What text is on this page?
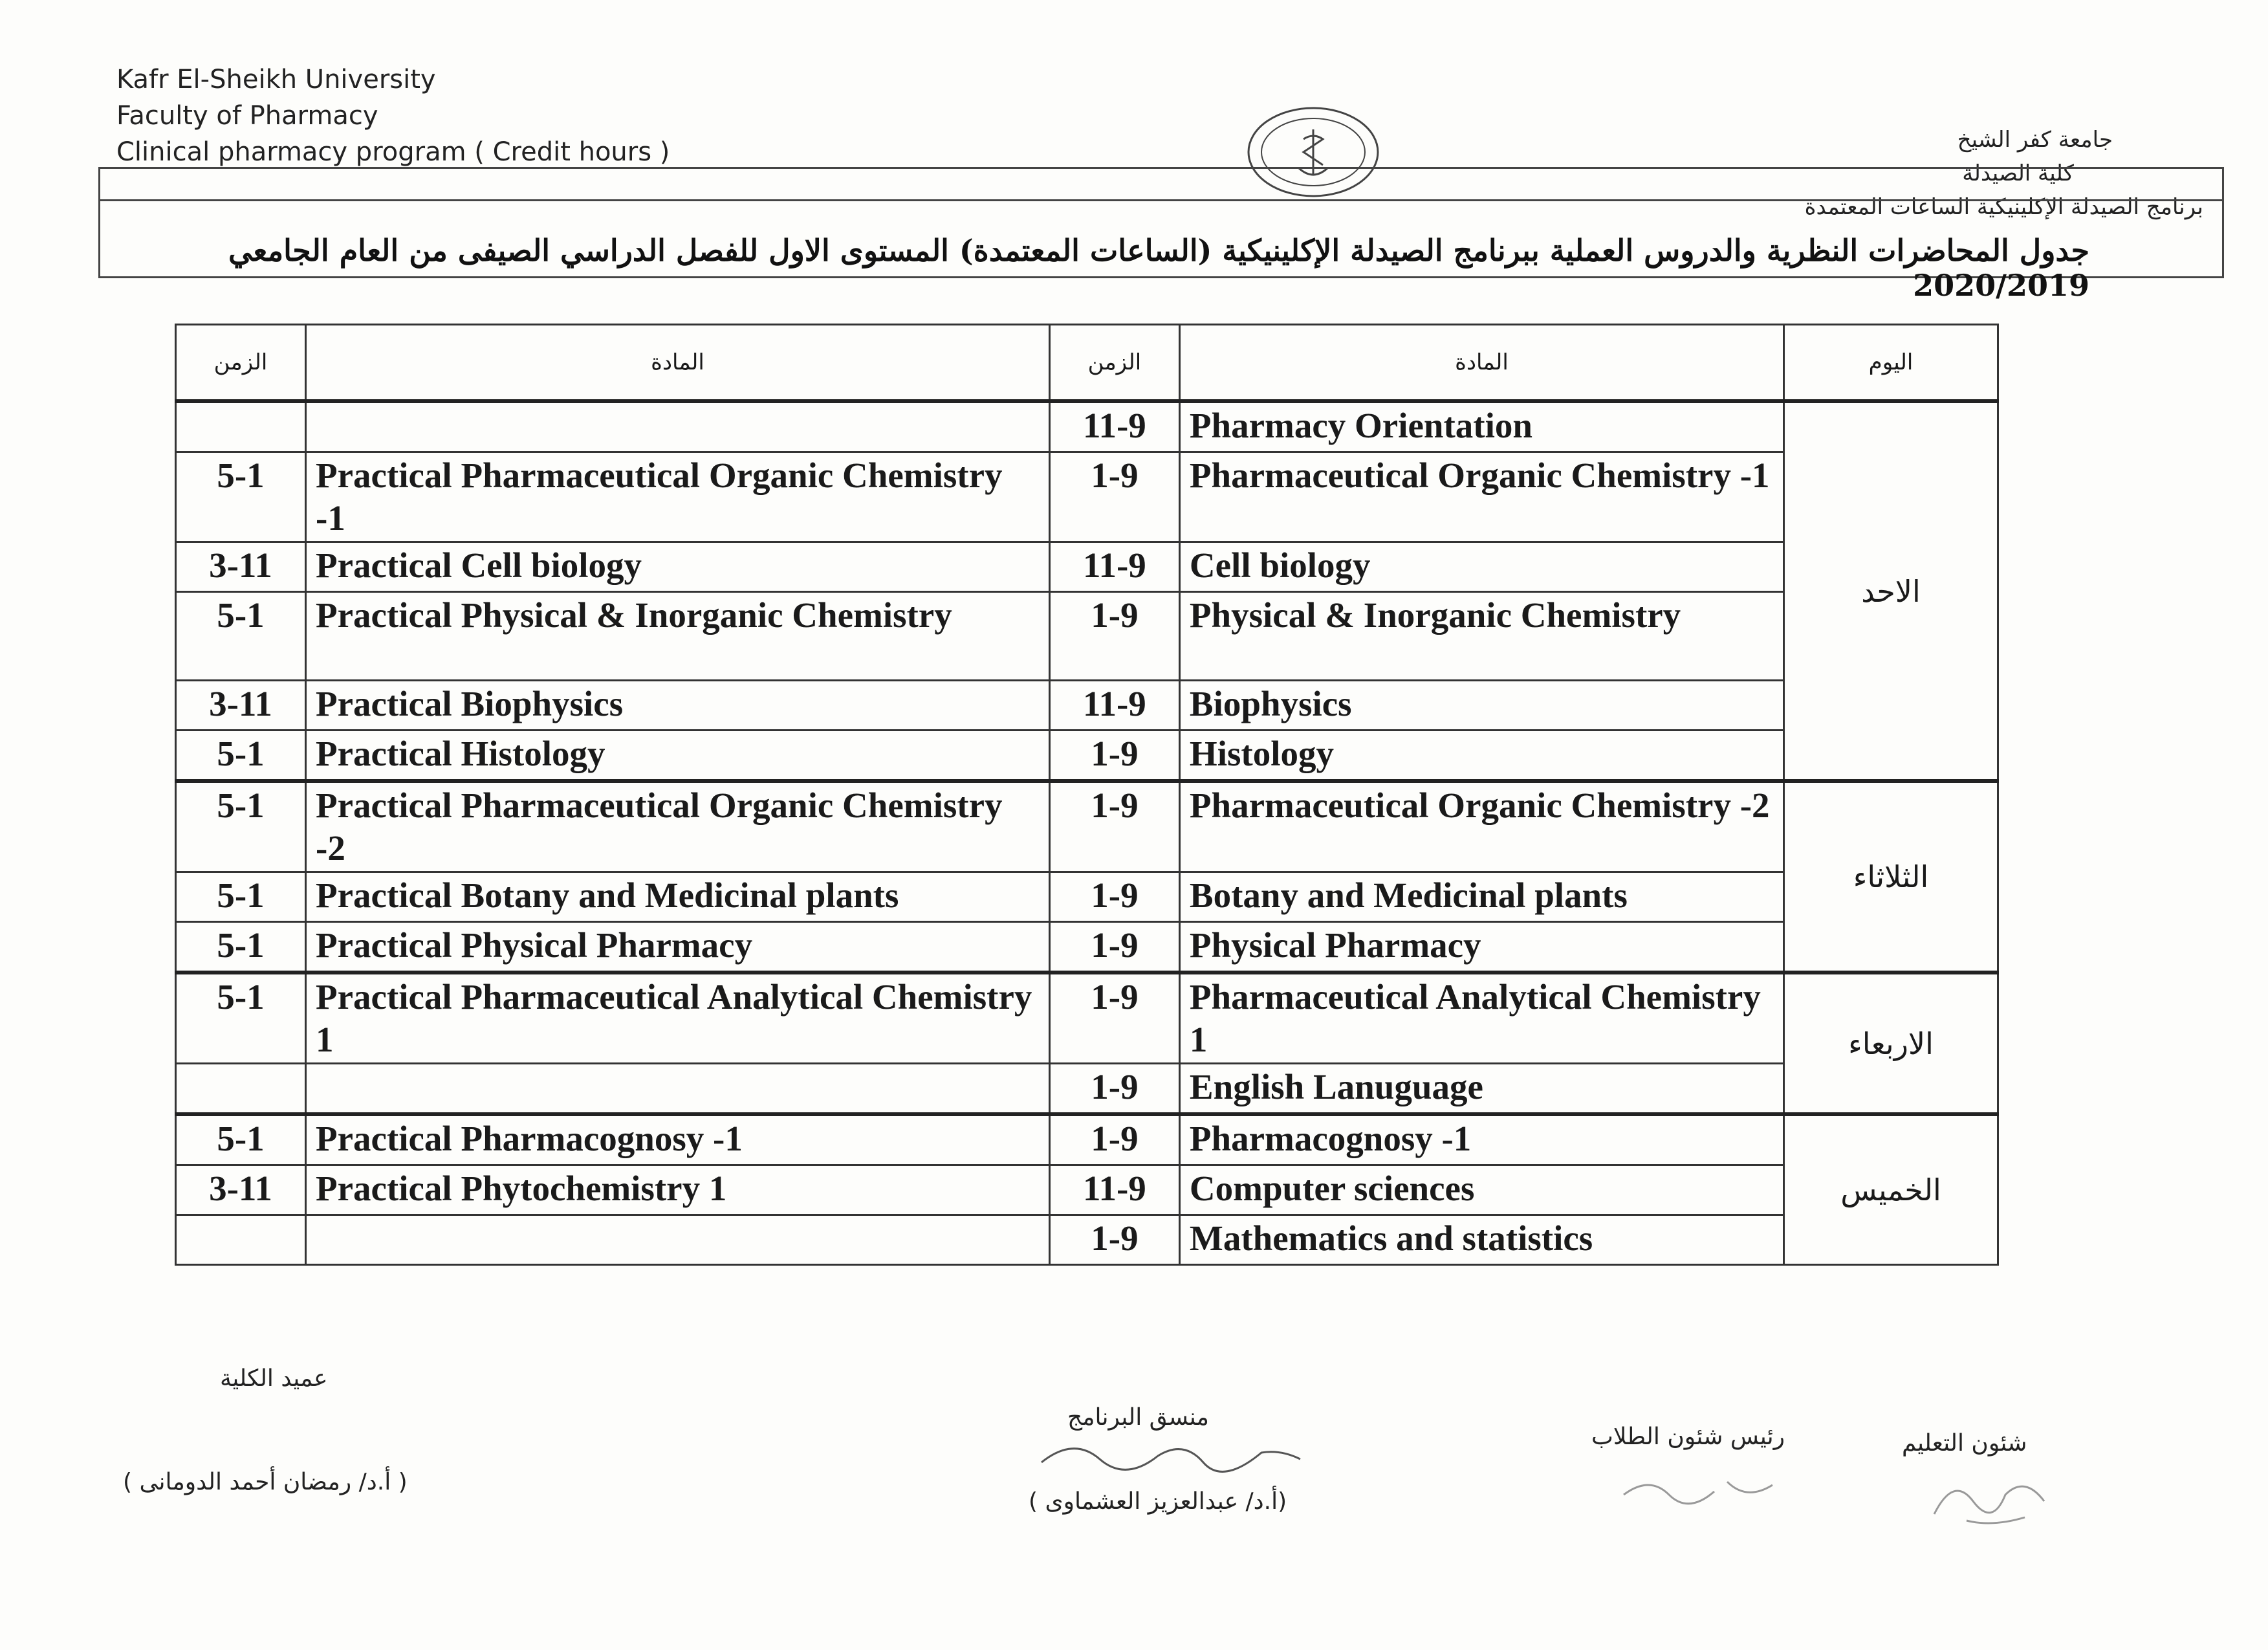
Kafr El-Sheikh University
Faculty of Pharmacy
Clinical pharmacy program ( Credit hours )	جامعة كفر الشيخ
كلية الصيدلة
برنامج الصيدلة الإكلينيكية الساعات المعتمدة
جدول المحاضرات النظرية والدروس العملية ببرنامج الصيدلة الإكلينيكية (الساعات المعتمدة) المستوى الاول للفصل الدراسي الصيفى من العام الجامعي 2020/2019
اليوم	المادة	الزمن	المادة	الزمن
الاحد	Pharmacy Orientation	11-9		
	Pharmaceutical Organic Chemistry -1	1-9	Practical Pharmaceutical Organic Chemistry -1	5-1
	Cell biology	11-9	Practical Cell biology	3-11
	Physical & Inorganic Chemistry	1-9	Practical Physical & Inorganic Chemistry	5-1
	Biophysics	11-9	Practical Biophysics	3-11
	Histology	1-9	Practical Histology	5-1
الثلاثاء	Pharmaceutical Organic Chemistry -2	1-9	Practical Pharmaceutical Organic Chemistry -2	5-1
	Botany and Medicinal plants	1-9	Practical Botany and Medicinal plants	5-1
	Physical Pharmacy	1-9	Practical Physical Pharmacy	5-1
الاربعاء	Pharmaceutical Analytical Chemistry 1	1-9	Practical Pharmaceutical Analytical Chemistry 1	5-1
	English Lanuguage	1-9		
الخميس	Pharmacognosy -1	1-9	Practical Pharmacognosy -1	5-1
	Computer sciences	11-9	Practical Phytochemistry 1	3-11
	Mathematics and statistics	1-9		
عميد الكلية
( أ.د/ رمضان أحمد الدومانى )
منسق البرنامج
(أ.د/ عبدالعزيز العشماوى )
رئيس شئون الطلاب	شئون التعليم
